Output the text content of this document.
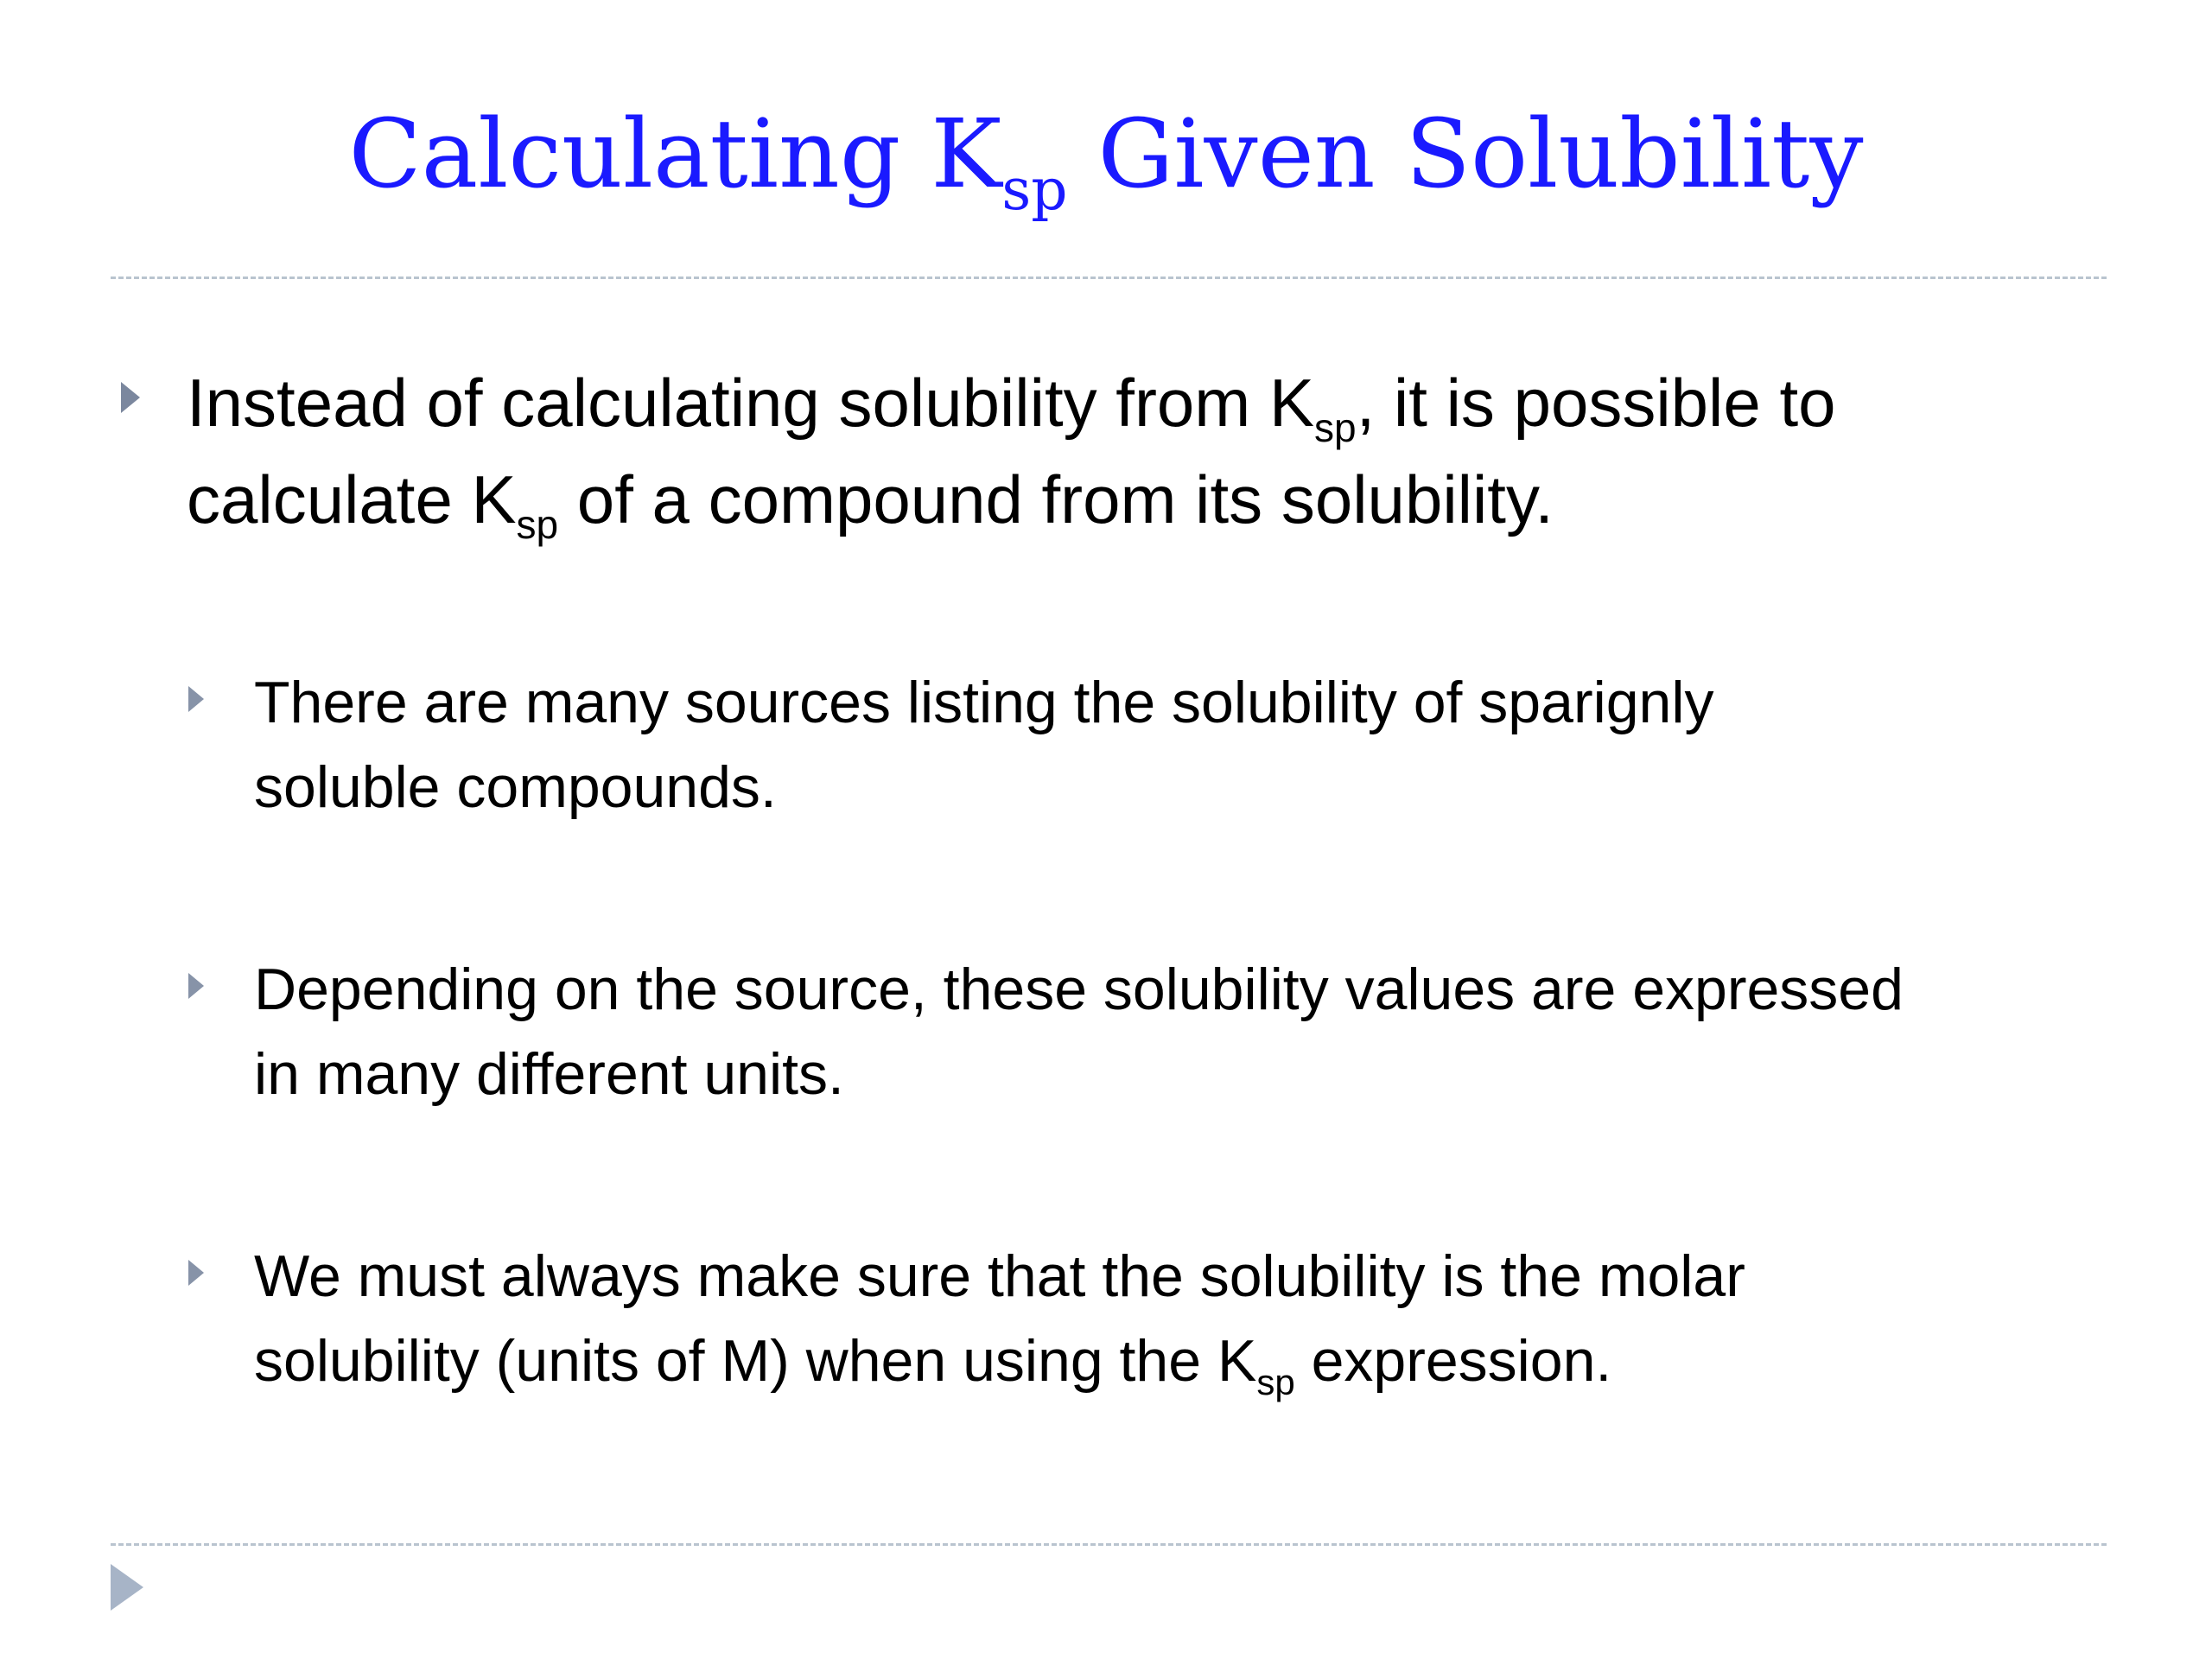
Calculating $K_{sp}$ Given Solubility
Instead of calculating solubility from $K_{sp}$, it is possible to
calculate $K_{sp}$ of a compound from its solubility.
There are many sources listing the solubility of sparignly
soluble compounds.
Depending on the source, these solubility values are expressed
in many different units.
We must always make sure that the solubility is the molar
solubility (units of M) when using the $K_{sp}$ expression.
